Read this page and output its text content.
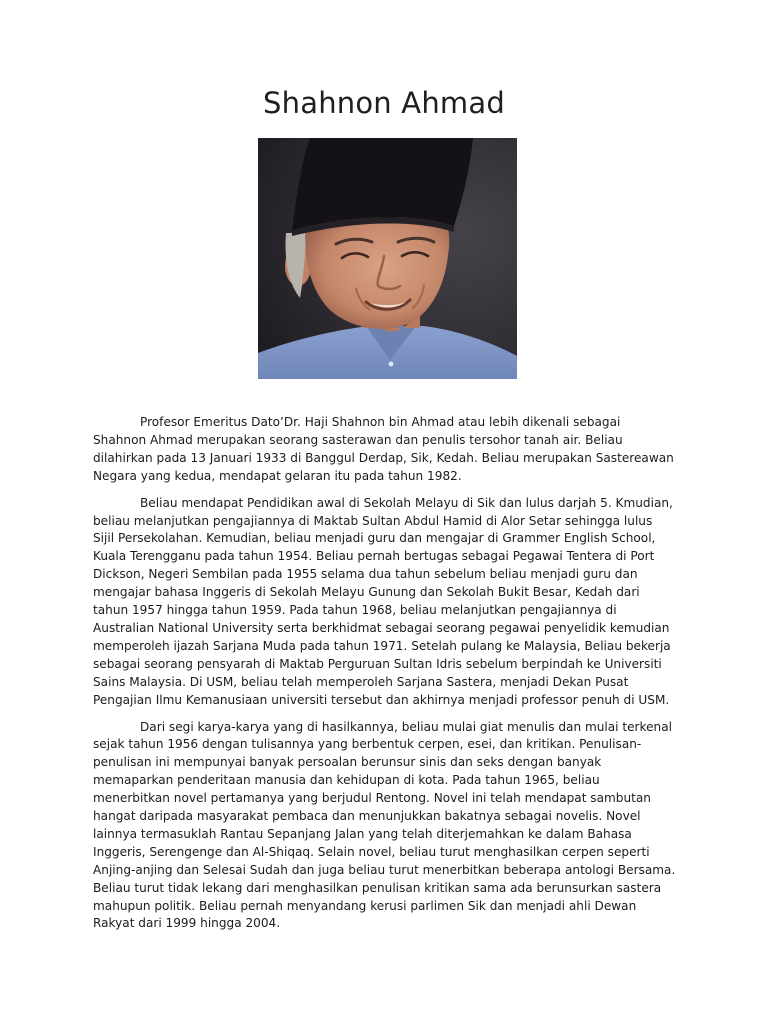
Shahnon Ahmad

Profesor Emeritus Dato’Dr. Haji Shahnon bin Ahmad atau lebih dikenali sebagai Shahnon Ahmad merupakan seorang sasterawan dan penulis tersohor tanah air. Beliau dilahirkan pada 13 Januari 1933 di Banggul Derdap, Sik, Kedah. Beliau merupakan Sastereawan Negara yang kedua, mendapat gelaran itu pada tahun 1982.

Beliau mendapat Pendidikan awal di Sekolah Melayu di Sik dan lulus darjah 5. Kmudian, beliau melanjutkan pengajiannya di Maktab Sultan Abdul Hamid di Alor Setar sehingga lulus Sijil Persekolahan. Kemudian, beliau menjadi guru dan mengajar di Grammer English School, Kuala Terengganu pada tahun 1954. Beliau pernah bertugas sebagai Pegawai Tentera di Port Dickson, Negeri Sembilan pada 1955 selama dua tahun sebelum beliau menjadi guru dan mengajar bahasa Inggeris di Sekolah Melayu Gunung dan Sekolah Bukit Besar, Kedah dari tahun 1957 hingga tahun 1959. Pada tahun 1968, beliau melanjutkan pengajiannya di Australian National University serta berkhidmat sebagai seorang pegawai penyelidik kemudian memperoleh ijazah Sarjana Muda pada tahun 1971. Setelah pulang ke Malaysia, Beliau bekerja sebagai seorang pensyarah di Maktab Perguruan Sultan Idris sebelum berpindah ke Universiti Sains Malaysia. Di USM, beliau telah memperoleh Sarjana Sastera, menjadi Dekan Pusat Pengajian Ilmu Kemanusiaan universiti tersebut dan akhirnya menjadi professor penuh di USM.

Dari segi karya-karya yang di hasilkannya, beliau mulai giat menulis dan mulai terkenal sejak tahun 1956 dengan tulisannya yang berbentuk cerpen, esei, dan kritikan. Penulisan-penulisan ini mempunyai banyak persoalan berunsur sinis dan seks dengan banyak memaparkan penderitaan manusia dan kehidupan di kota. Pada tahun 1965, beliau menerbitkan novel pertamanya yang berjudul Rentong. Novel ini telah mendapat sambutan hangat daripada masyarakat pembaca dan menunjukkan bakatnya sebagai novelis. Novel lainnya termasuklah Rantau Sepanjang Jalan yang telah diterjemahkan ke dalam Bahasa Inggeris, Serengenge dan Al-Shiqaq. Selain novel, beliau turut menghasilkan cerpen seperti Anjing-anjing dan Selesai Sudah dan juga beliau turut menerbitkan beberapa antologi Bersama. Beliau turut tidak lekang dari menghasilkan penulisan kritikan sama ada berunsurkan sastera mahupun politik. Beliau pernah menyandang kerusi parlimen Sik dan menjadi ahli Dewan Rakyat dari 1999 hingga 2004.
